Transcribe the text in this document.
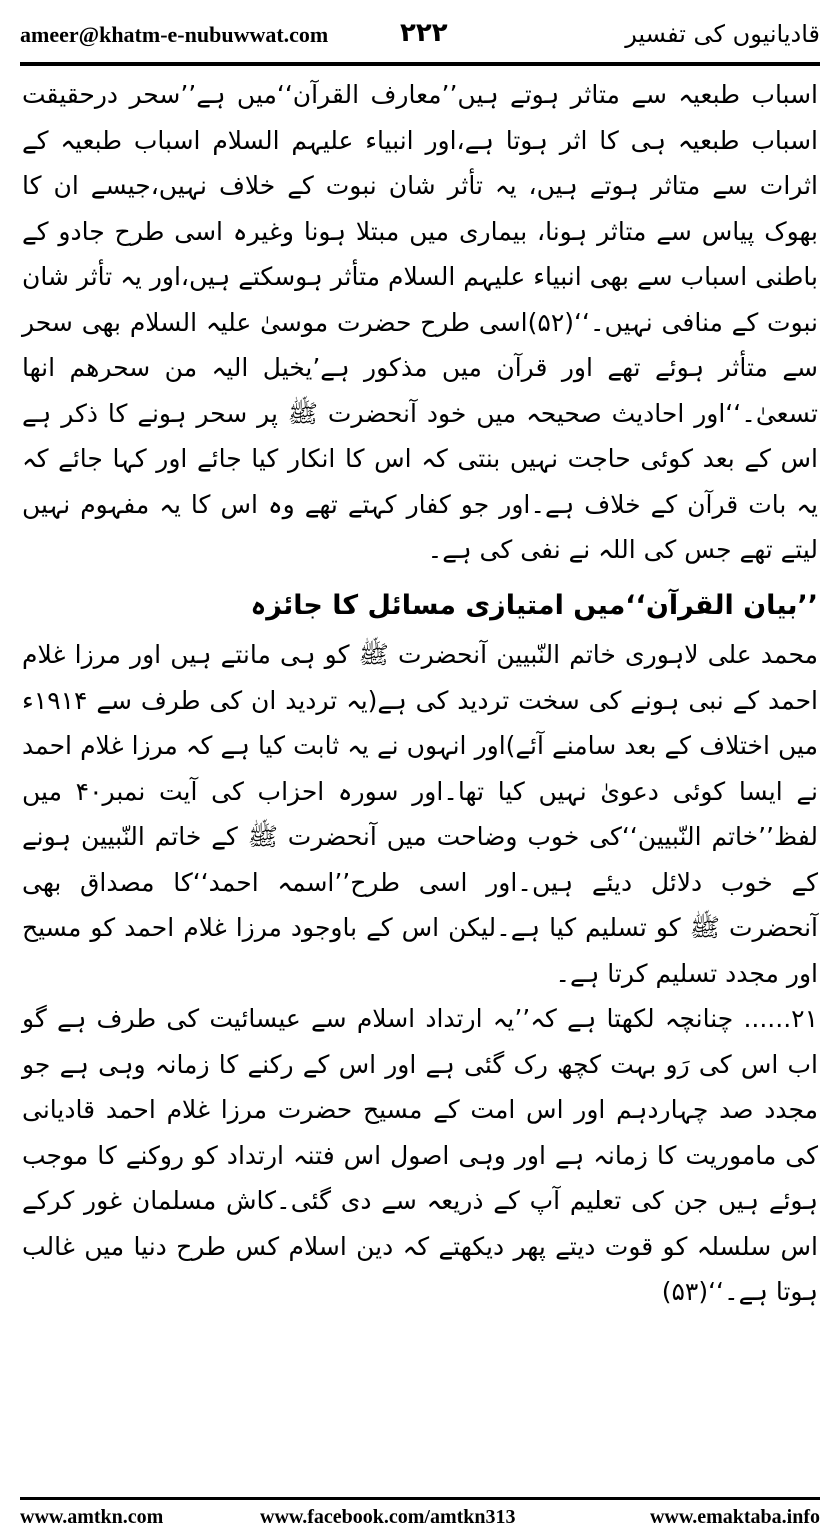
ameer@khatm-e-nubuwwat.com	۲۲۲	قادیانیوں کی تفسیر

اسباب طبعیہ سے متاثر ہوتے ہیں’’معارف القرآن‘‘میں ہے’’سحر درحقیقت اسباب طبعیہ ہی کا اثر ہوتا ہے،اور انبیاء علیہم السلام اسباب طبعیہ کے اثرات سے متاثر ہوتے ہیں، یہ تأثر شان نبوت کے خلاف نہیں،جیسے ان کا بھوک پیاس سے متاثر ہونا، بیماری میں مبتلا ہونا وغیرہ اسی طرح جادو کے باطنی اسباب سے بھی انبیاء علیہم السلام متأثر ہوسکتے ہیں،اور یہ تأثر شان نبوت کے منافی نہیں۔‘‘(۵۲)اسی طرح حضرت موسیٰ علیہ السلام بھی سحر سے متأثر ہوئے تھے اور قرآن میں مذکور ہے’یخیل الیہ من سحرھم انھا تسعیٰ۔‘‘اور احادیث صحیحہ میں خود آنحضرت ﷺ پر سحر ہونے کا ذکر ہے اس کے بعد کوئی حاجت نہیں بنتی کہ اس کا انکار کیا جائے اور کہا جائے کہ یہ بات قرآن کے خلاف ہے۔اور جو کفار کہتے تھے وہ اس کا یہ مفہوم نہیں لیتے تھے جس کی اللہ نے نفی کی ہے۔

’’بیان القرآن‘‘میں امتیازی مسائل کا جائزہ

محمد علی لاہوری خاتم النّبیین آنحضرت ﷺ کو ہی مانتے ہیں اور مرزا غلام احمد کے نبی ہونے کی سخت تردید کی ہے(یہ تردید ان کی طرف سے ۱۹۱۴ء میں اختلاف کے بعد سامنے آئے)اور انہوں نے یہ ثابت کیا ہے کہ مرزا غلام احمد نے ایسا کوئی دعویٰ نہیں کیا تھا۔اور سورہ احزاب کی آیت نمبر۴۰ میں لفظ’’خاتم النّبیین‘‘کی خوب وضاحت میں آنحضرت ﷺ کے خاتم النّبیین ہونے کے خوب دلائل دیئے ہیں۔اور اسی طرح’’اسمہ احمد‘‘کا مصداق بھی آنحضرت ﷺ کو تسلیم کیا ہے۔لیکن اس کے باوجود مرزا غلام احمد کو مسیح اور مجدد تسلیم کرتا ہے۔

۲۱...... چنانچہ لکھتا ہے کہ’’یہ ارتداد اسلام سے عیسائیت کی طرف ہے گو اب اس کی رَو بہت کچھ رک گئی ہے اور اس کے رکنے کا زمانہ وہی ہے جو مجدد صد چہاردہم اور اس امت کے مسیح حضرت مرزا غلام احمد قادیانی کی ماموریت کا زمانہ ہے اور وہی اصول اس فتنہ ارتداد کو روکنے کا موجب ہوئے ہیں جن کی تعلیم آپ کے ذریعہ سے دی گئی۔کاش مسلمان غور کرکے اس سلسلہ کو قوت دیتے پھر دیکھتے کہ دین اسلام کس طرح دنیا میں غالب ہوتا ہے۔‘‘(۵۳)

www.amtkn.com	www.facebook.com/amtkn313	www.emaktaba.info
